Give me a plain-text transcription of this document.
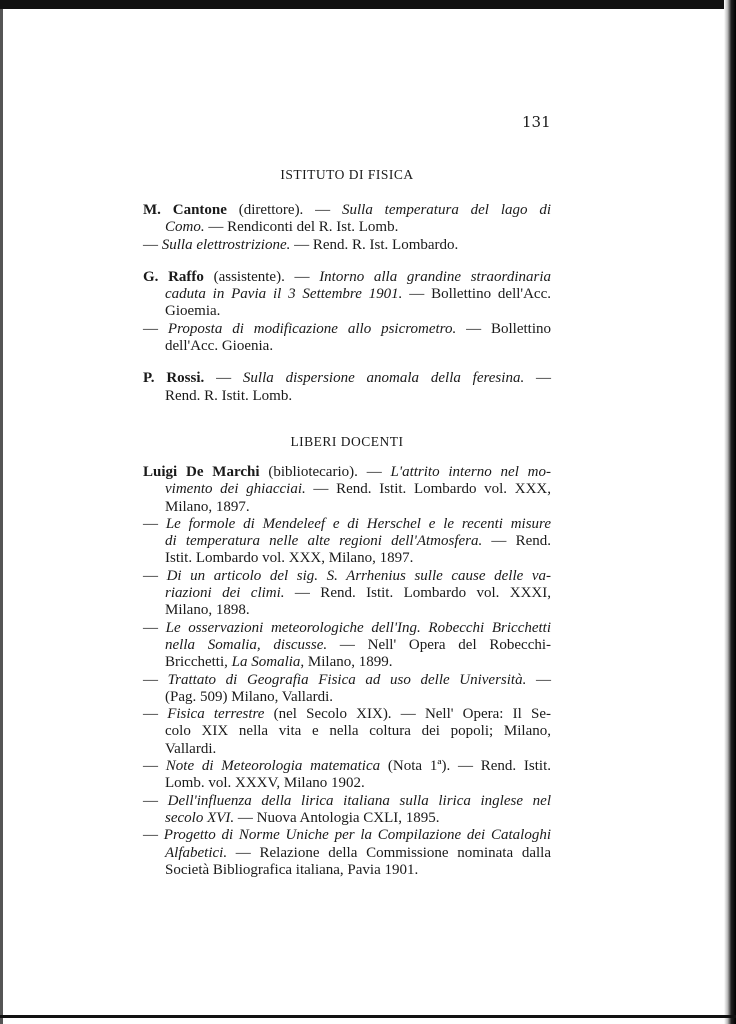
131
ISTITUTO DI FISICA
M. Cantone (direttore). — Sulla temperatura del lago di
Como. — Rendiconti del R. Ist. Lomb.
— Sulla elettrostrizione. — Rend. R. Ist. Lombardo.
G. Raffo (assistente). — Intorno alla grandine straordinaria
caduta in Pavia il 3 Settembre 1901. — Bollettino dell'Acc.
Gioemia.
— Proposta di modificazione allo psicrometro. — Bollettino
dell'Acc. Gioenia.
P. Rossi. — Sulla dispersione anomala della feresina. —
Rend. R. Istit. Lomb.
LIBERI DOCENTI
Luigi De Marchi (bibliotecario). — L'attrito interno nel mo-
vimento dei ghiacciai. — Rend. Istit. Lombardo vol. XXX,
Milano, 1897.
— Le formole di Mendeleef e di Herschel e le recenti misure
di temperatura nelle alte regioni dell'Atmosfera. — Rend.
Istit. Lombardo vol. XXX, Milano, 1897.
— Di un articolo del sig. S. Arrhenius sulle cause delle va-
riazioni dei climi. — Rend. Istit. Lombardo vol. XXXI,
Milano, 1898.
— Le osservazioni meteorologiche dell'Ing. Robecchi Bricchetti
nella Somalia, discusse. — Nell' Opera del Robecchi-
Bricchetti, La Somalia, Milano, 1899.
— Trattato di Geografia Fisica ad uso delle Università. —
(Pag. 509) Milano, Vallardi.
— Fisica terrestre (nel Secolo XIX). — Nell' Opera: Il Se-
colo XIX nella vita e nella coltura dei popoli; Milano,
Vallardi.
— Note di Meteorologia matematica (Nota 1ª). — Rend. Istit.
Lomb. vol. XXXV, Milano 1902.
— Dell'influenza della lirica italiana sulla lirica inglese nel
secolo XVI. — Nuova Antologia CXLI, 1895.
— Progetto di Norme Uniche per la Compilazione dei Cataloghi
Alfabetici. — Relazione della Commissione nominata dalla
Società Bibliografica italiana, Pavia 1901.
